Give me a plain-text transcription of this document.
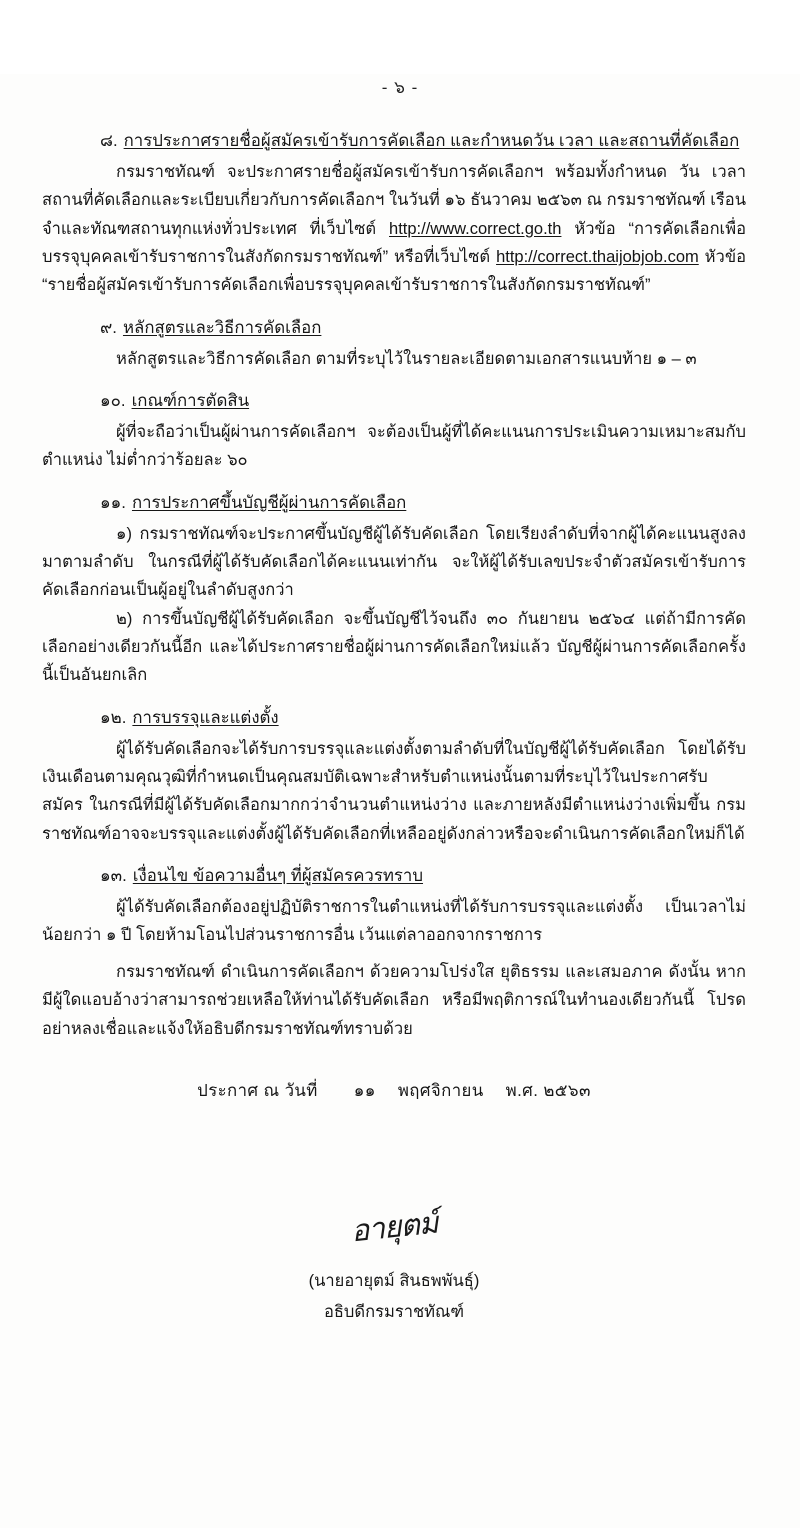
- ๖ -
๘. การประกาศรายชื่อผู้สมัครเข้ารับการคัดเลือก และกำหนดวัน เวลา และสถานที่คัดเลือก

กรมราชทัณฑ์ จะประกาศรายชื่อผู้สมัครเข้ารับการคัดเลือกฯ พร้อมทั้งกำหนด วัน เวลา สถานที่คัดเลือกและระเบียบเกี่ยวกับการคัดเลือกฯ ในวันที่ ๑๖ ธันวาคม ๒๕๖๓ ณ กรมราชทัณฑ์ เรือนจำและทัณฑสถานทุกแห่งทั่วประเทศ ที่เว็บไซต์ http://www.correct.go.th หัวข้อ “การคัดเลือกเพื่อบรรจุบุคคลเข้ารับราชการในสังกัดกรมราชทัณฑ์” หรือที่เว็บไซต์ http://correct.thaijobjob.com หัวข้อ “รายชื่อผู้สมัครเข้ารับการคัดเลือกเพื่อบรรจุบุคคลเข้ารับราชการในสังกัดกรมราชทัณฑ์”

๙. หลักสูตรและวิธีการคัดเลือก

หลักสูตรและวิธีการคัดเลือก ตามที่ระบุไว้ในรายละเอียดตามเอกสารแนบท้าย ๑ – ๓

๑๐. เกณฑ์การตัดสิน

ผู้ที่จะถือว่าเป็นผู้ผ่านการคัดเลือกฯ จะต้องเป็นผู้ที่ได้คะแนนการประเมินความเหมาะสมกับตำแหน่ง ไม่ต่ำกว่าร้อยละ ๖๐

๑๑. การประกาศขึ้นบัญชีผู้ผ่านการคัดเลือก

๑) กรมราชทัณฑ์จะประกาศขึ้นบัญชีผู้ได้รับคัดเลือก โดยเรียงลำดับที่จากผู้ได้คะแนนสูงลงมาตามลำดับ ในกรณีที่ผู้ได้รับคัดเลือกได้คะแนนเท่ากัน จะให้ผู้ได้รับเลขประจำตัวสมัครเข้ารับการคัดเลือกก่อนเป็นผู้อยู่ในลำดับสูงกว่า

๒) การขึ้นบัญชีผู้ได้รับคัดเลือก จะขึ้นบัญชีไว้จนถึง ๓๐ กันยายน ๒๕๖๔ แต่ถ้ามีการคัดเลือกอย่างเดียวกันนี้อีก และได้ประกาศรายชื่อผู้ผ่านการคัดเลือกใหม่แล้ว บัญชีผู้ผ่านการคัดเลือกครั้งนี้เป็นอันยกเลิก

๑๒. การบรรจุและแต่งตั้ง

ผู้ได้รับคัดเลือกจะได้รับการบรรจุและแต่งตั้งตามลำดับที่ในบัญชีผู้ได้รับคัดเลือก โดยได้รับเงินเดือนตามคุณวุฒิที่กำหนดเป็นคุณสมบัติเฉพาะสำหรับตำแหน่งนั้นตามที่ระบุไว้ในประกาศรับสมัคร ในกรณีที่มีผู้ได้รับคัดเลือกมากกว่าจำนวนตำแหน่งว่าง และภายหลังมีตำแหน่งว่างเพิ่มขึ้น กรมราชทัณฑ์อาจจะบรรจุและแต่งตั้งผู้ได้รับคัดเลือกที่เหลืออยู่ดังกล่าวหรือจะดำเนินการคัดเลือกใหม่ก็ได้

๑๓. เงื่อนไข ข้อความอื่นๆ ที่ผู้สมัครควรทราบ

ผู้ได้รับคัดเลือกต้องอยู่ปฏิบัติราชการในตำแหน่งที่ได้รับการบรรจุและแต่งตั้ง เป็นเวลาไม่น้อยกว่า ๑ ปี โดยห้ามโอนไปส่วนราชการอื่น เว้นแต่ลาออกจากราชการ

กรมราชทัณฑ์ ดำเนินการคัดเลือกฯ ด้วยความโปร่งใส ยุติธรรม และเสมอภาค ดังนั้น หากมีผู้ใดแอบอ้างว่าสามารถช่วยเหลือให้ท่านได้รับคัดเลือก หรือมีพฤติการณ์ในทำนองเดียวกันนี้ โปรดอย่าหลงเชื่อและแจ้งให้อธิบดีกรมราชทัณฑ์ทราบด้วย

ประกาศ ณ วันที่ ๑๑ พฤศจิกายน พ.ศ. ๒๕๖๓
อายุตม์
(นายอายุตม์ สินธพพันธุ์)
อธิบดีกรมราชทัณฑ์
